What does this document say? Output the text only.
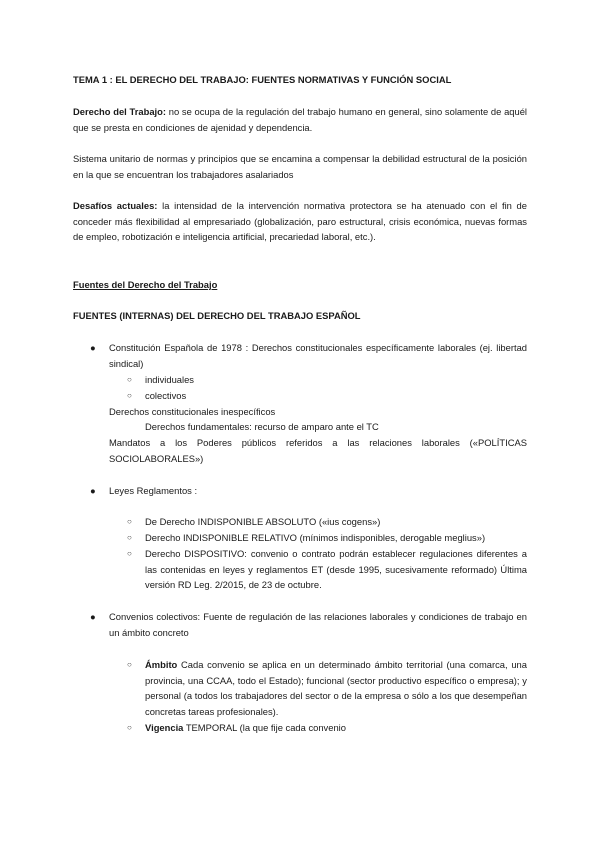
TEMA 1 : EL DERECHO DEL TRABAJO: FUENTES NORMATIVAS Y FUNCIÓN SOCIAL

Derecho del Trabajo: no se ocupa de la regulación del trabajo humano en general, sino solamente de aquél que se presta en condiciones de ajenidad y dependencia.

Sistema unitario de normas y principios que se encamina a compensar la debilidad estructural de la posición en la que se encuentran los trabajadores asalariados

Desafíos actuales: la intensidad de la intervención normativa protectora se ha atenuado con el fin de conceder más flexibilidad al empresariado (globalización, paro estructural, crisis económica, nuevas formas de empleo, robotización e inteligencia artificial, precariedad laboral, etc.).

Fuentes del Derecho del Trabajo

FUENTES (INTERNAS) DEL DERECHO DEL TRABAJO ESPAÑOL

●	Constitución Española de 1978 : Derechos constitucionales específicamente laborales (ej. libertad sindical)

○	individuales

○	colectivos

Derechos constitucionales inespecíficos

Derechos fundamentales: recurso de amparo ante el TC

Mandatos a los Poderes públicos referidos a las relaciones laborales («POLÍTICAS SOCIOLABORALES»)

●	Leyes Reglamentos :

○	De Derecho INDISPONIBLE ABSOLUTO («ius cogens»)

○	Derecho INDISPONIBLE RELATIVO (mínimos indisponibles, derogable meglius»)

○	Derecho DISPOSITIVO: convenio o contrato podrán establecer regulaciones diferentes a las contenidas en leyes y reglamentos ET (desde 1995, sucesivamente reformado) Última versión RD Leg. 2/2015, de 23 de octubre.

●	Convenios colectivos: Fuente de regulación de las relaciones laborales y condiciones de trabajo en un ámbito concreto

○	Ámbito Cada convenio se aplica en un determinado ámbito territorial (una comarca, una provincia, una CCAA, todo el Estado); funcional (sector productivo específico o empresa); y personal (a todos los trabajadores del sector o de la empresa o sólo a los que desempeñan concretas tareas profesionales).

○	Vigencia TEMPORAL (la que fije cada convenio
